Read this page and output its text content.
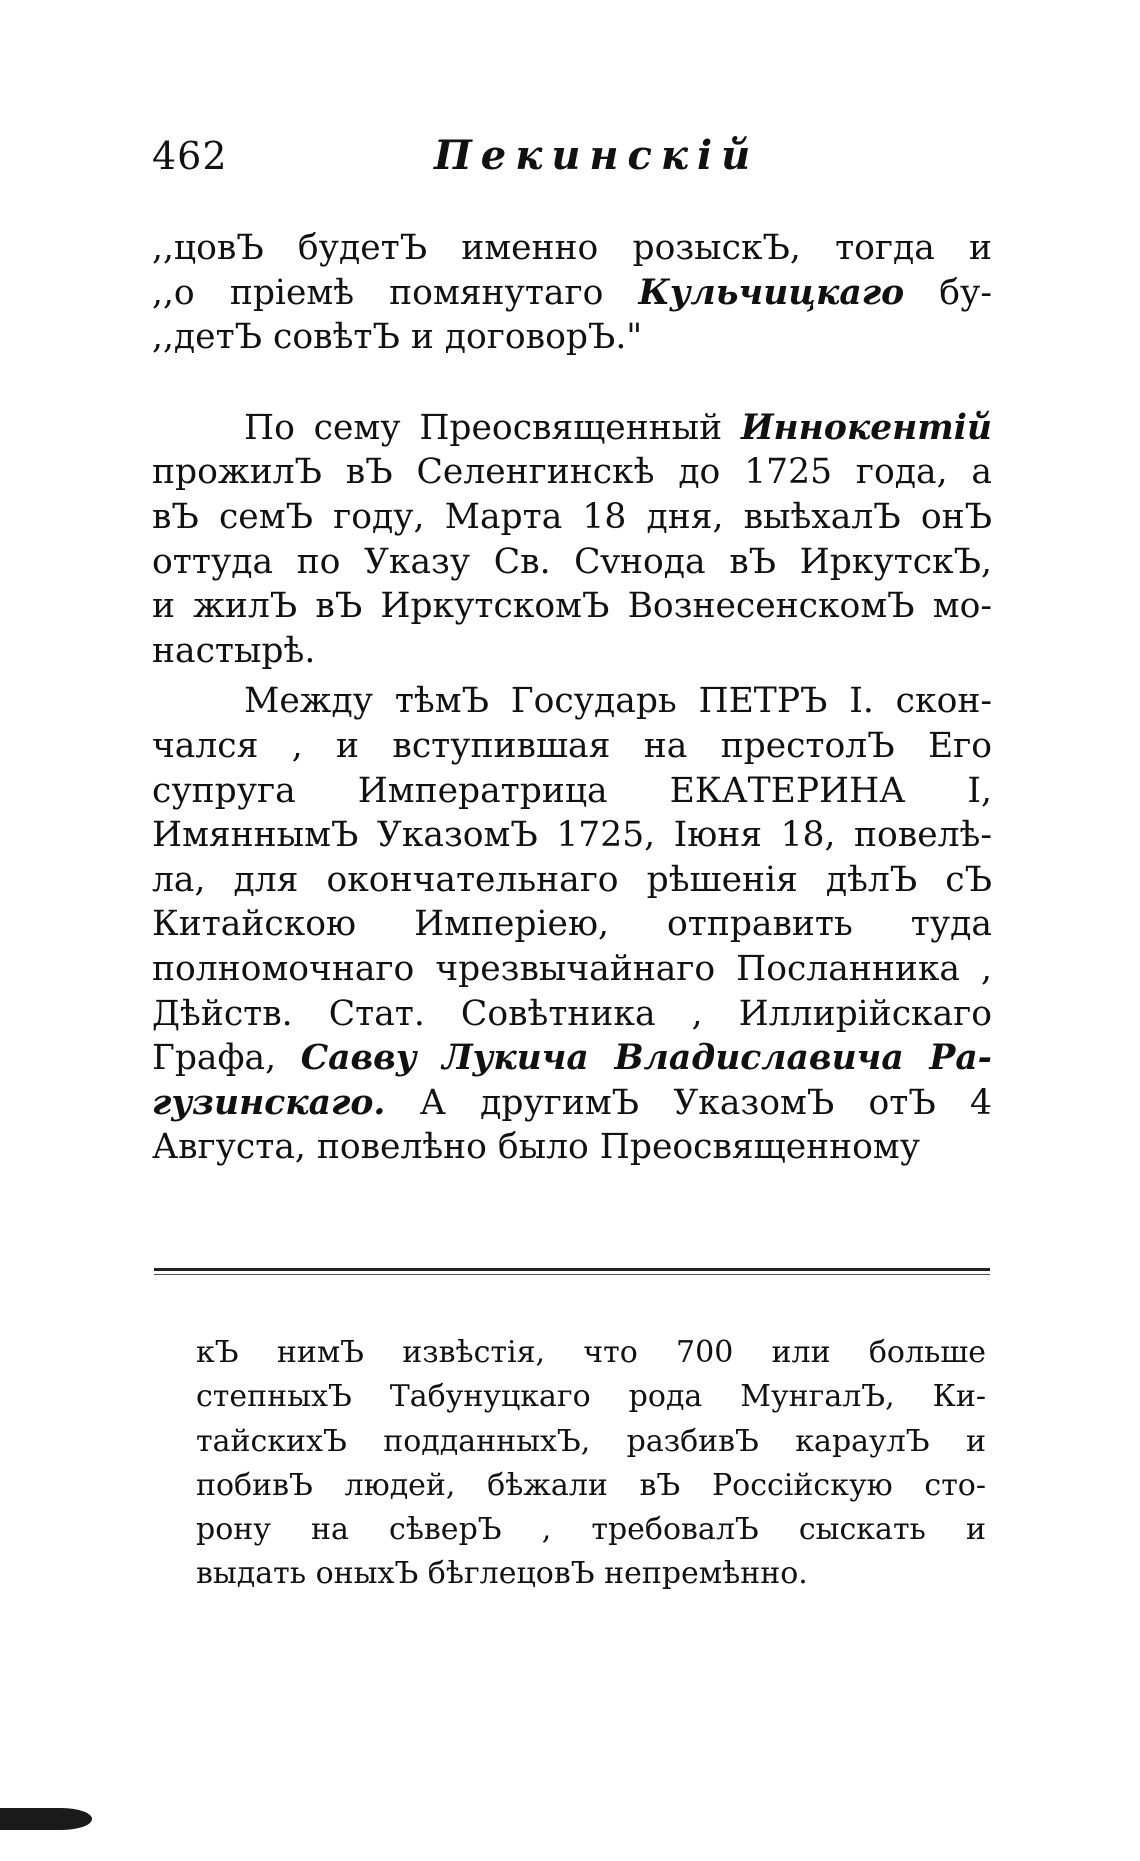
462	Пекинскій

,,цовЪ будетЪ именно розыскЪ, тогда и
,,о пріемѣ помянутаго Кульчицкаго бу-
,,детЪ совѣтЪ и договорЪ."

По сему Преосвященный Иннокентій
прожилЪ вЪ Селенгинскѣ до 1725 года, а
вЪ семЪ году, Марта 18 дня, выѣхалЪ онЪ
оттуда по Указу Св. Сvнода вЪ ИркутскЪ,
и жилЪ вЪ ИркутскомЪ ВознесенскомЪ мо-
настырѣ.

Между тѣмЪ Государь ПЕТРЪ I. скон-
чался , и вступившая на престолЪ Его
супруга Императрица ЕКАТЕРИНА I,
ИмяннымЪ УказомЪ 1725, Іюня 18, повелѣ-
ла, для окончательнаго рѣшенія дѣлЪ сЪ
Китайскою Имперіею, отправить туда
полномочнаго чрезвычайнаго Посланника ,
Дѣйств. Стат. Совѣтника , Иллирійскаго
Графа, Савву Лукича Владиславича Ра-
гузинскаго. А другимЪ УказомЪ отЪ 4
Августа, повелѣно было Преосвященному

кЪ нимЪ извѣстія, что 700 или больше
степныхЪ Табунуцкаго рода МунгалЪ, Ки-
тайскихЪ подданныхЪ, разбивЪ караулЪ и
побивЪ людей, бѣжали вЪ Россійскую сто-
рону на сѣверЪ , требовалЪ сыскать и
выдать оныхЪ бѣглецовЪ непремѣнно.
